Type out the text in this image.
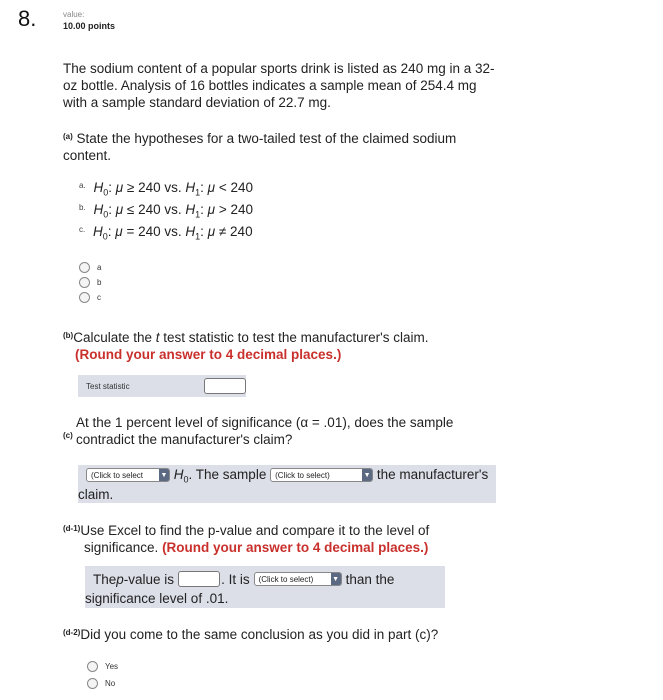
8.	value:
10.00 points
The sodium content of a popular sports drink is listed as 240 mg in a 32-oz bottle. Analysis of 16 bottles indicates a sample mean of 254.4 mg with a sample standard deviation of 22.7 mg.
$^{(a)}$ State the hypotheses for a two-tailed test of the claimed sodium content.
$^{a.}$ $H_0$: μ ≥ 240 vs. $H_1$: μ < 240
$^{b.}$ $H_0$: μ ≤ 240 vs. $H_1$: μ > 240
$^{c.}$ $H_0$: μ = 240 vs. $H_1$: μ ≠ 240
a
b
c
$^{(b)}$Calculate the t test statistic to test the manufacturer's claim.
(Round your answer to 4 decimal places.)
Test statistic
(c)
At the 1 percent level of significance (α = .01), does the sample
contradict the manufacturer's claim?
(Click to select	▼ $H_0$. The sample (Click to select)	▼ the manufacturer's
claim.
$^{(d-1)}$Use Excel to find the p-value and compare it to the level of
significance. (Round your answer to 4 decimal places.)
The p -value is	. It is (Click to select)	▼ than the
significance level of .01.
$^{(d-2)}$Did you come to the same conclusion as you did in part (c)?
Yes
No
